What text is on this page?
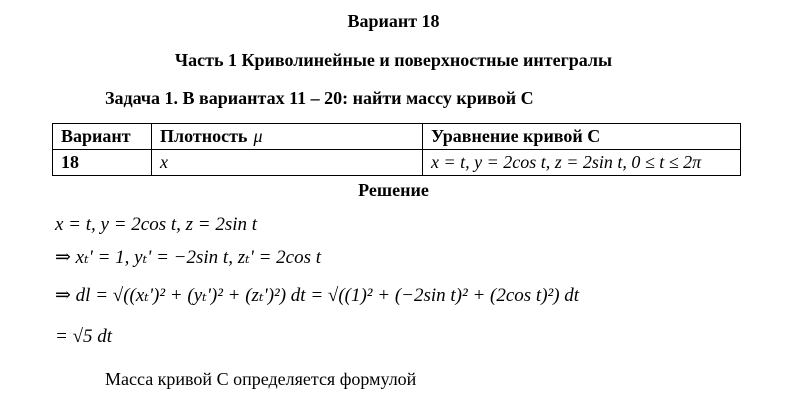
Вариант 18
Часть 1 Криволинейные и поверхностные интегралы
Задача 1. В вариантах 11 – 20: найти массу кривой С
Вариант	Плотность μ	Уравнение кривой С
18	x	x = t, y = 2cos t, z = 2sin t, 0 ≤ t ≤ 2π
Решение
x = t, y = 2cos t, z = 2sin t
⇒ xₜ' = 1, yₜ' = −2sin t, zₜ' = 2cos t
⇒ dl = √((xₜ')² + (yₜ')² + (zₜ')²) dt = √((1)² + (−2sin t)² + (2cos t)²) dt
= √5 dt
Масса кривой С определяется формулой
